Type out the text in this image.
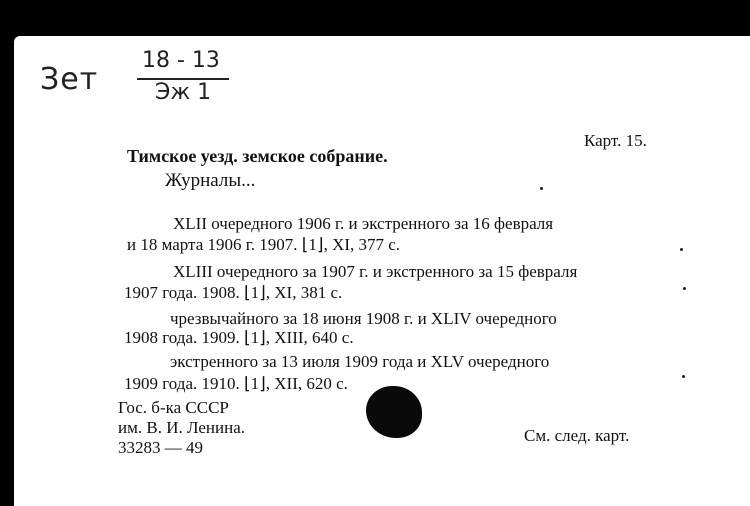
Зет
18 - 13
Эж 1
Карт. 15.
Тимское уезд. земское собрание.
Журналы...
XLII очередного 1906 г. и экстренного за 16 февраля
и 18 марта 1906 г. 1907. ⌊1⌋, XI, 377 с.
XLIII очередного за 1907 г. и экстренного за 15 февраля
1907 года. 1908. ⌊1⌋, XI, 381 с.
чрезвычайного за 18 июня 1908 г. и XLIV очередного
1908 года. 1909. ⌊1⌋, XIII, 640 с.
экстренного за 13 июля 1909 года и XLV очередного
1909 года. 1910. ⌊1⌋, XII, 620 с.
Гос. б-ка СССР
им. В. И. Ленина.
33283 — 49
См. след. карт.
